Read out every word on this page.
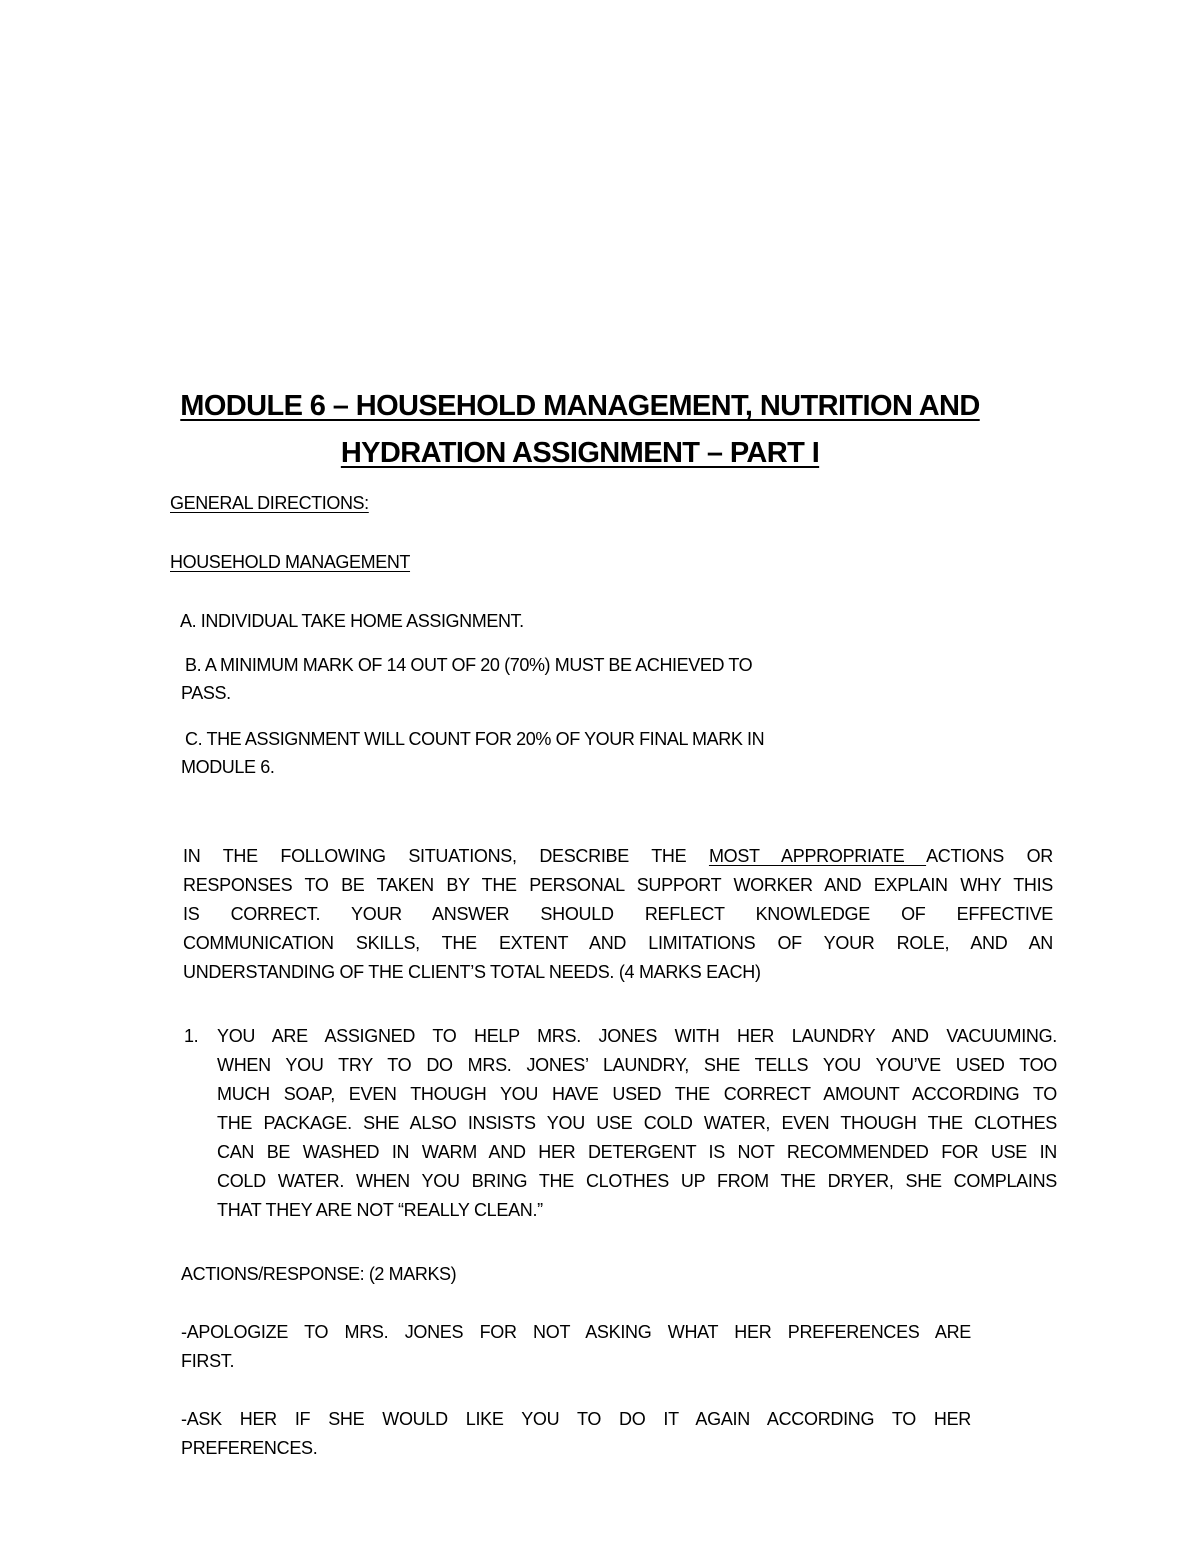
MODULE 6 – HOUSEHOLD MANAGEMENT, NUTRITION AND
HYDRATION ASSIGNMENT – PART I

GENERAL DIRECTIONS:

HOUSEHOLD MANAGEMENT

A. INDIVIDUAL TAKE HOME ASSIGNMENT.

B. A MINIMUM MARK OF 14 OUT OF 20 (70%) MUST BE ACHIEVED TO

PASS.

C. THE ASSIGNMENT WILL COUNT FOR 20% OF YOUR FINAL MARK IN

MODULE 6.

IN THE FOLLOWING SITUATIONS, DESCRIBE THE MOST APPROPRIATE ACTIONS OR
RESPONSES TO BE TAKEN BY THE PERSONAL SUPPORT WORKER AND EXPLAIN WHY THIS
IS CORRECT. YOUR ANSWER SHOULD REFLECT KNOWLEDGE OF EFFECTIVE
COMMUNICATION SKILLS, THE EXTENT AND LIMITATIONS OF YOUR ROLE, AND AN
UNDERSTANDING OF THE CLIENT’S TOTAL NEEDS. (4 MARKS EACH)

1. YOU ARE ASSIGNED TO HELP MRS. JONES WITH HER LAUNDRY AND VACUUMING.
WHEN YOU TRY TO DO MRS. JONES’ LAUNDRY, SHE TELLS YOU YOU’VE USED TOO
MUCH SOAP, EVEN THOUGH YOU HAVE USED THE CORRECT AMOUNT ACCORDING TO
THE PACKAGE. SHE ALSO INSISTS YOU USE COLD WATER, EVEN THOUGH THE CLOTHES
CAN BE WASHED IN WARM AND HER DETERGENT IS NOT RECOMMENDED FOR USE IN
COLD WATER. WHEN YOU BRING THE CLOTHES UP FROM THE DRYER, SHE COMPLAINS
THAT THEY ARE NOT “REALLY CLEAN.”

ACTIONS/RESPONSE: (2 MARKS)

-APOLOGIZE TO MRS. JONES FOR NOT ASKING WHAT HER PREFERENCES ARE
FIRST.
-ASK HER IF SHE WOULD LIKE YOU TO DO IT AGAIN ACCORDING TO HER
PREFERENCES.
